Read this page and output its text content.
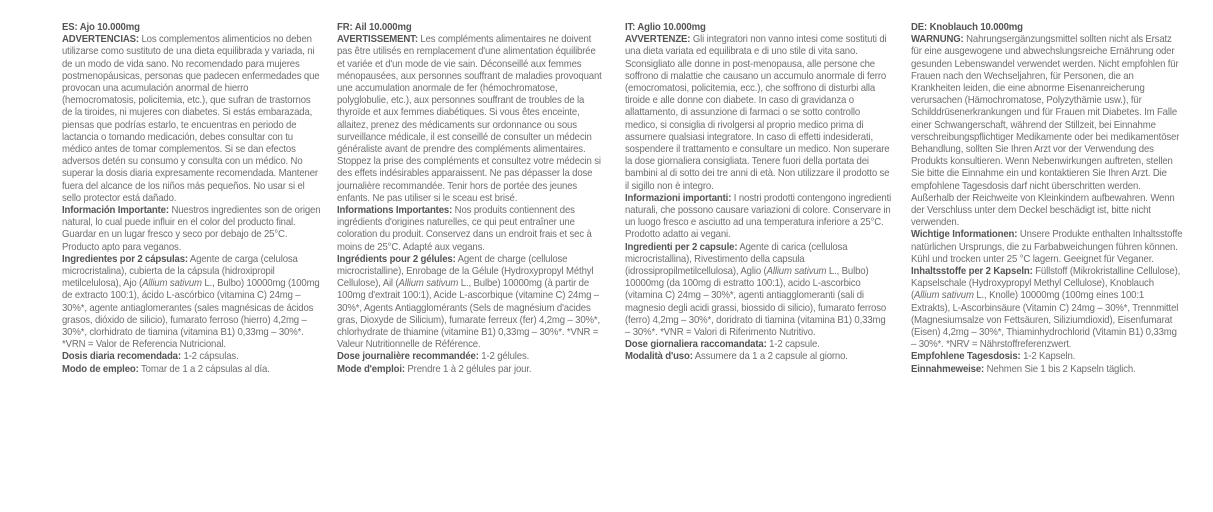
ES: Ajo 10.000mg

ADVERTENCIAS: Los complementos alimenticios no deben utilizarse como sustituto de una dieta equilibrada y variada, ni de un modo de vida sano. No recomendado para mujeres postmenopáusicas, personas que padecen enfermedades que provocan una acumulación anormal de hierro (hemocromatosis, policitemia, etc.), que sufran de trastornos de la tiroides, ni mujeres con diabetes. Si estás embarazada, piensas que podrías estarlo, te encuentras en periodo de lactancia o tomando medicación, debes consultar con tu médico antes de tomar complementos. Si se dan efectos adversos detén su consumo y consulta con un médico. No superar la dosis diaria expresamente recomendada. Mantener fuera del alcance de los niños más pequeños. No usar si el sello protector está dañado.

Información Importante: Nuestros ingredientes son de origen natural, lo cual puede influir en el color del producto final. Guardar en un lugar fresco y seco por debajo de 25°C. Producto apto para veganos.

Ingredientes por 2 cápsulas: Agente de carga (celulosa microcristalina), cubierta de la cápsula (hidroxipropil metilcelulosa), Ajo (Allium sativum L., Bulbo) 10000mg (100mg de extracto 100:1), ácido L-ascórbico (vitamina C) 24mg – 30%*, agente antiaglomerantes (sales magnésicas de ácidos grasos, dióxido de silicio), fumarato ferroso (hierro) 4,2mg – 30%*, clorhidrato de tiamina (vitamina B1) 0,33mg – 30%*. *VRN = Valor de Referencia Nutricional.

Dosis diaria recomendada: 1-2 cápsulas.

Modo de empleo: Tomar de 1 a 2 cápsulas al día.

FR: Ail 10.000mg

AVERTISSEMENT: Les compléments alimentaires ne doivent pas être utilisés en remplacement d'une alimentation équilibrée et variée et d'un mode de vie sain. Déconseillé aux femmes ménopausées, aux personnes souffrant de maladies provoquant une accumulation anormale de fer (hémochromatose, polyglobulie, etc.), aux personnes souffrant de troubles de la thyroïde et aux femmes diabétiques. Si vous êtes enceinte, allaitez, prenez des médicaments sur ordonnance ou sous surveillance médicale, il est conseillé de consulter un médecin généraliste avant de prendre des compléments alimentaires. Stoppez la prise des compléments et consultez votre médecin si des effets indésirables apparaissent. Ne pas dépasser la dose journalière recommandée. Tenir hors de portée des jeunes enfants. Ne pas utiliser si le sceau est brisé.

Informations Importantes: Nos produits contiennent des ingrédients d'origines naturelles, ce qui peut entraîner une coloration du produit. Conservez dans un endroit frais et sec à moins de 25°C. Adapté aux vegans.

Ingrédients pour 2 gélules: Agent de charge (cellulose microcristalline), Enrobage de la Gélule (Hydroxypropyl Méthyl Cellulose), Ail (Allium sativum L., Bulbe) 10000mg (à partir de 100mg d'extrait 100:1), Acide L-ascorbique (vitamine C) 24mg – 30%*, Agents Antiagglomérants (Sels de magnésium d'acides gras, Dioxyde de Silicium), fumarate ferreux (fer) 4,2mg – 30%*, chlorhydrate de thiamine (vitamine B1) 0,33mg – 30%*. *VNR = Valeur Nutritionnelle de Référence.

Dose journalière recommandée: 1-2 gélules.

Mode d'emploi: Prendre 1 à 2 gélules par jour.

IT: Aglio 10.000mg

AVVERTENZE: Gli integratori non vanno intesi come sostituti di una dieta variata ed equilibrata e di uno stile di vita sano. Sconsigliato alle donne in post-menopausa, alle persone che soffrono di malattie che causano un accumulo anormale di ferro (emocromatosi, policitemia, ecc.), che soffrono di disturbi alla tiroide e alle donne con diabete. In caso di gravidanza o allattamento, di assunzione di farmaci o se sotto controllo medico, si consiglia di rivolgersi al proprio medico prima di assumere qualsiasi integratore. In caso di effetti indesiderati, sospendere il trattamento e consultare un medico. Non superare la dose giornaliera consigliata. Tenere fuori della portata dei bambini al di sotto dei tre anni di età. Non utilizzare il prodotto se il sigillo non è integro.

Informazioni importanti: I nostri prodotti contengono ingredienti naturali, che possono causare variazioni di colore. Conservare in un luogo fresco e asciutto ad una temperatura inferiore a 25°C. Prodotto adatto ai vegani.

Ingredienti per 2 capsule: Agente di carica (cellulosa microcristallina), Rivestimento della capsula (idrossipropilmetilcellulosa), Aglio (Allium sativum L., Bulbo) 10000mg (da 100mg di estratto 100:1), acido L-ascorbico (vitamina C) 24mg – 30%*, agenti antiagglomeranti (sali di magnesio degli acidi grassi, biossido di silicio), fumarato ferroso (ferro) 4,2mg – 30%*, doridrato di tiamina (vitamina B1) 0,33mg – 30%*. *VNR = Valori di Riferimento Nutritivo.

Dose giornaliera raccomandata: 1-2 capsule.

Modalità d'uso: Assumere da 1 a 2 capsule al giorno.

DE: Knoblauch 10.000mg

WARNUNG: Nahrungsergänzungsmittel sollten nicht als Ersatz für eine ausgewogene und abwechslungsreiche Ernährung oder gesunden Lebenswandel verwendet werden. Nicht empfohlen für Frauen nach den Wechseljahren, für Personen, die an Krankheiten leiden, die eine abnorme Eisenanreicherung verursachen (Hämochromatose, Polyzythämie usw.), für Schilddrüsenerkrankungen und für Frauen mit Diabetes. Im Falle einer Schwangerschaft, während der Stillzeit, bei Einnahme verschreibungspflichtiger Medikamente oder bei medikamentöser Behandlung, sollten Sie Ihren Arzt vor der Verwendung des Produkts konsultieren. Wenn Nebenwirkungen auftreten, stellen Sie bitte die Einnahme ein und kontaktieren Sie Ihren Arzt. Die empfohlene Tagesdosis darf nicht überschritten werden. Außerhalb der Reichweite von Kleinkindern aufbewahren. Wenn der Verschluss unter dem Deckel beschädigt ist, bitte nicht verwenden.

Wichtige Informationen: Unsere Produkte enthalten Inhaltsstoffe natürlichen Ursprungs, die zu Farbabweichungen führen können. Kühl und trocken unter 25 °C lagern. Geeignet für Veganer.

Inhaltsstoffe per 2 Kapseln: Füllstoff (Mikrokristalline Cellulose), Kapselschale (Hydroxypropyl Methyl Cellulose), Knoblauch (Allium sativum L., Knolle) 10000mg (100mg eines 100:1 Extrakts), L-Ascorbinsäure (Vitamin C) 24mg – 30%*, Trennmittel (Magnesiumsalze von Fettsäuren, Siliziumdioxid), Eisenfumarat (Eisen) 4,2mg – 30%*, Thiaminhydrochlorid (Vitamin B1) 0,33mg – 30%*. *NRV = Nährstoffreferenzwert.

Empfohlene Tagesdosis: 1-2 Kapseln.

Einnahmeweise: Nehmen Sie 1 bis 2 Kapseln täglich.
